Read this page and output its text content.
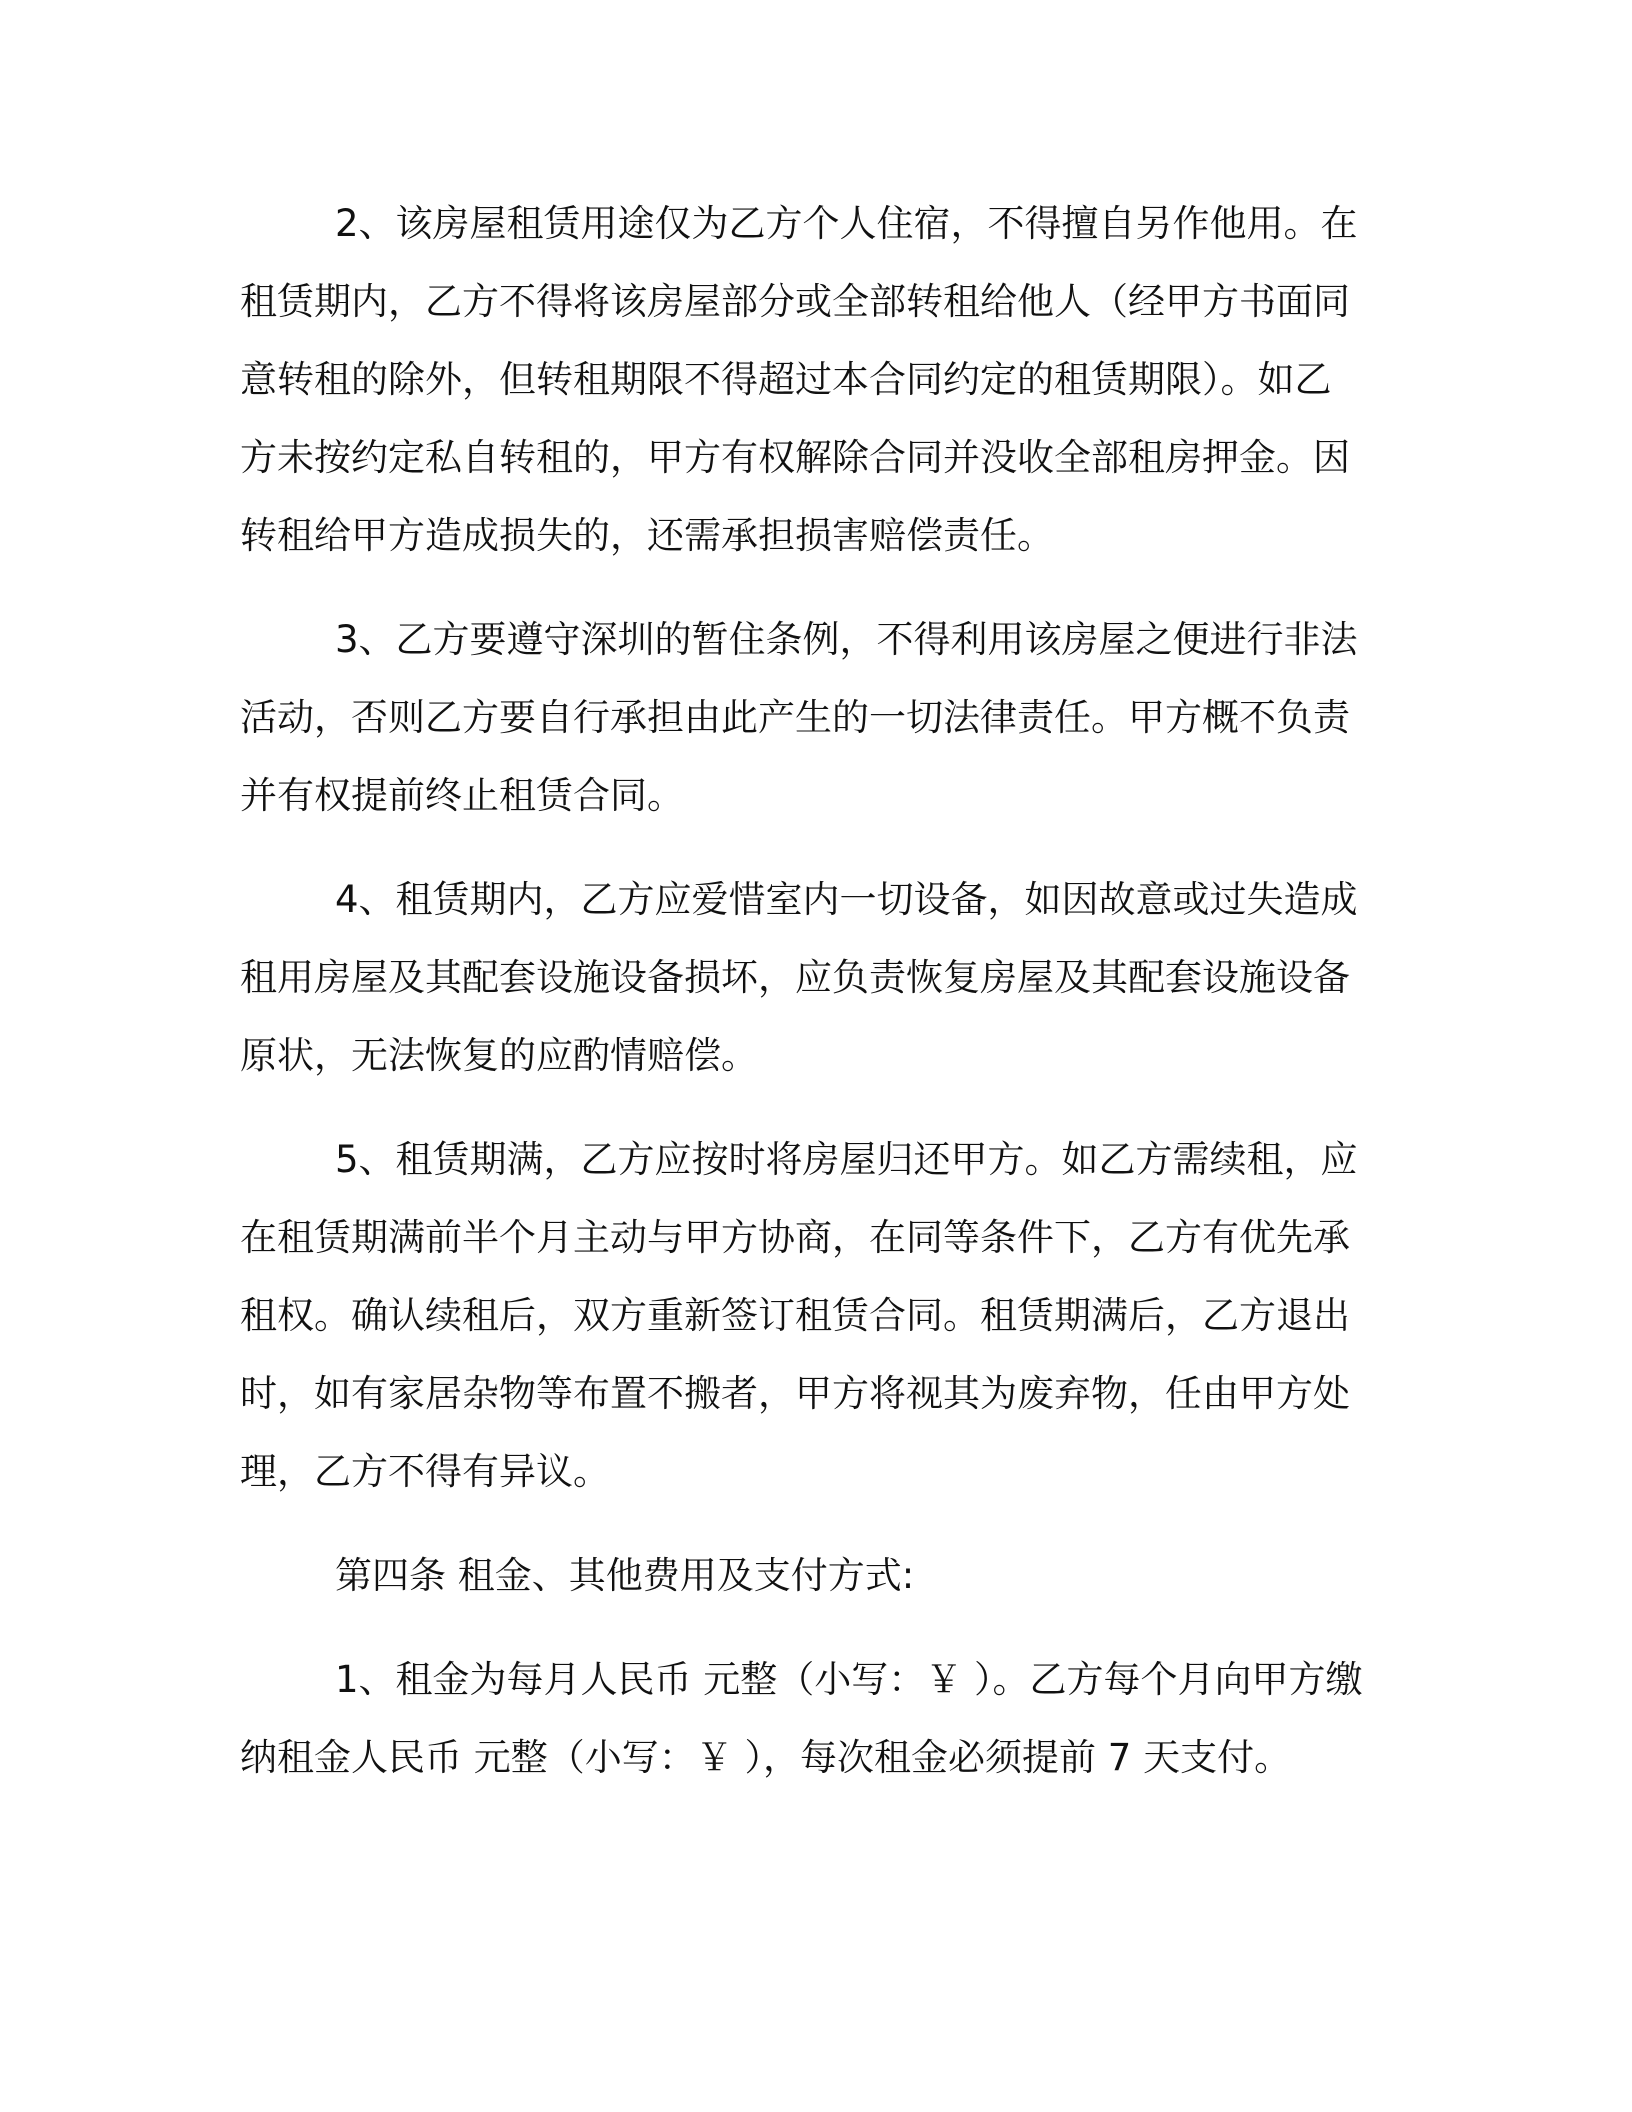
2、该房屋租赁用途仅为乙方个人住宿，不得擅自另作他用。在
租赁期内，乙方不得将该房屋部分或全部转租给他人（经甲方书面同
意转租的除外，但转租期限不得超过本合同约定的租赁期限）。如乙
方未按约定私自转租的，甲方有权解除合同并没收全部租房押金。因
转租给甲方造成损失的，还需承担损害赔偿责任。
3、乙方要遵守深圳的暂住条例，不得利用该房屋之便进行非法
活动，否则乙方要自行承担由此产生的一切法律责任。甲方概不负责
并有权提前终止租赁合同。
4、租赁期内，乙方应爱惜室内一切设备，如因故意或过失造成
租用房屋及其配套设施设备损坏，应负责恢复房屋及其配套设施设备
原状，无法恢复的应酌情赔偿。
5、租赁期满，乙方应按时将房屋归还甲方。如乙方需续租，应
在租赁期满前半个月主动与甲方协商，在同等条件下，乙方有优先承
租权。确认续租后，双方重新签订租赁合同。租赁期满后，乙方退出
时，如有家居杂物等布置不搬者，甲方将视其为废弃物，任由甲方处
理，乙方不得有异议。
第四条 租金、其他费用及支付方式:
1、租金为每月人民币 元整（小写：￥ ）。乙方每个月向甲方缴
纳租金人民币 元整（小写：￥ ），每次租金必须提前 7 天支付。
